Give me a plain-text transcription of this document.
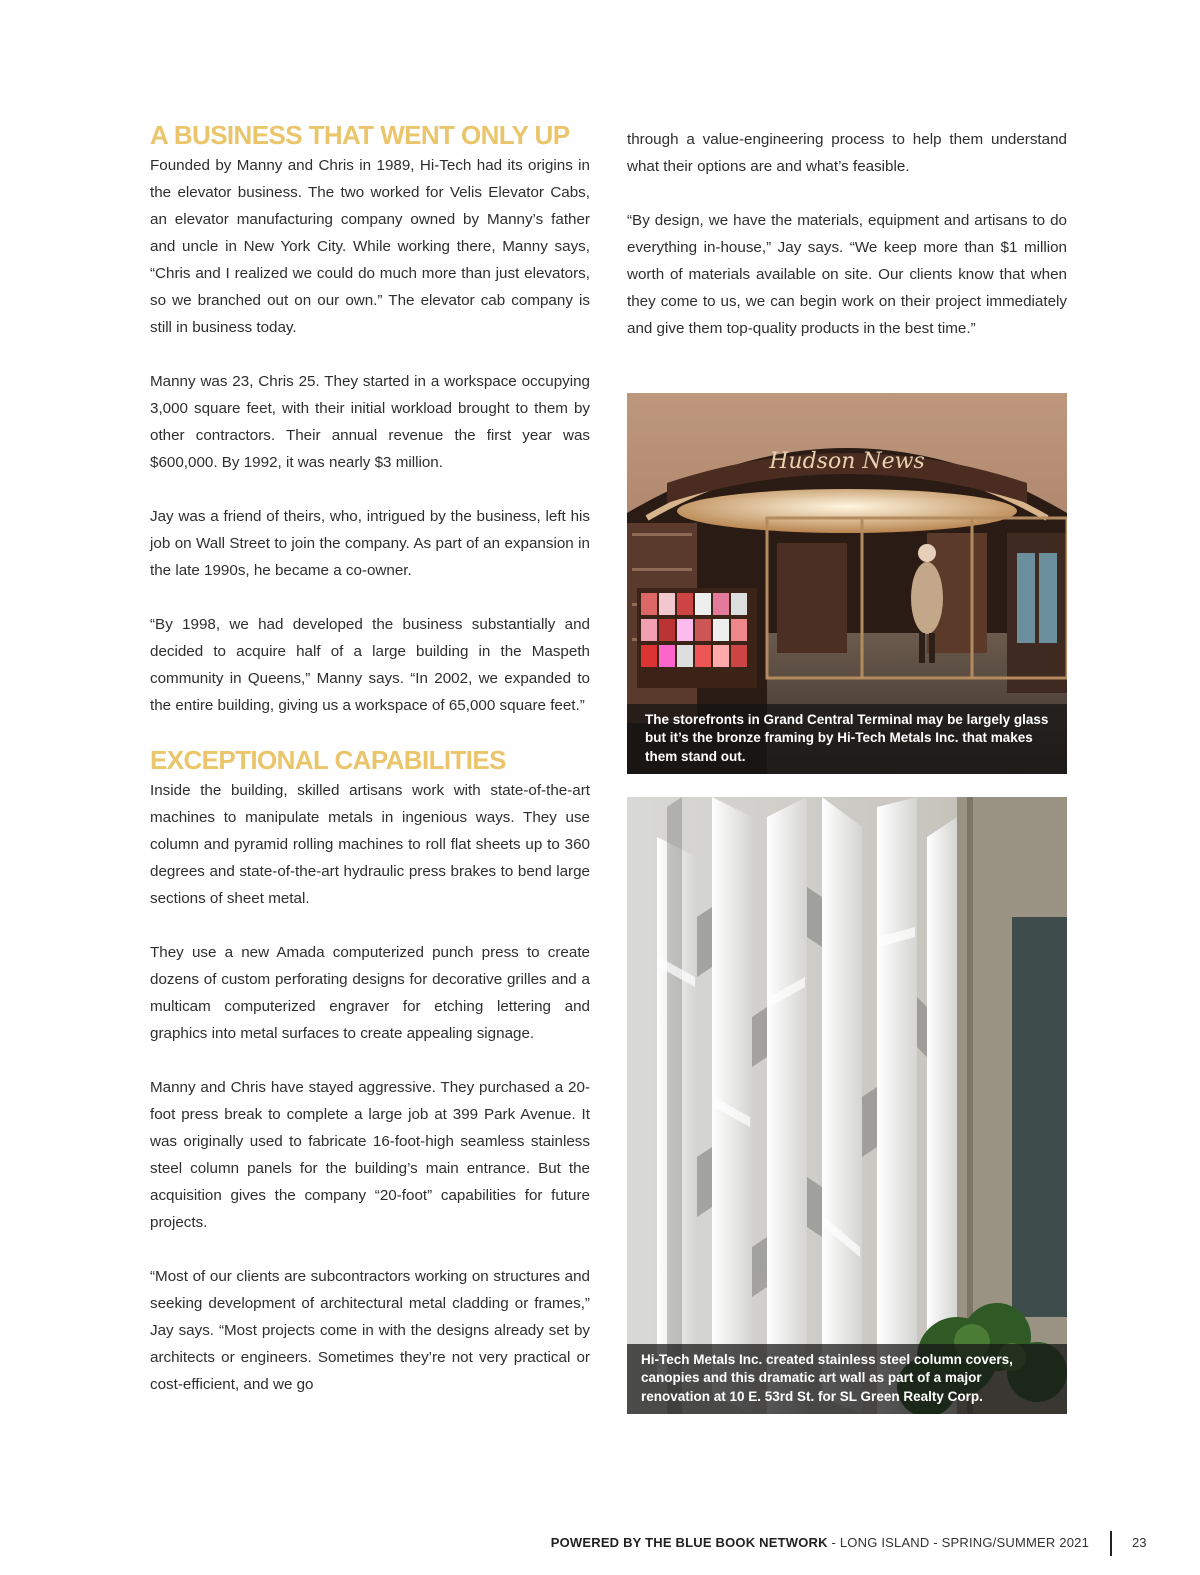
A BUSINESS THAT WENT ONLY UP

Founded by Manny and Chris in 1989, Hi-Tech had its origins in the elevator business. The two worked for Velis Elevator Cabs, an elevator manufacturing company owned by Manny’s father and uncle in New York City. While working there, Manny says, “Chris and I realized we could do much more than just elevators, so we branched out on our own.” The elevator cab company is still in business today.

Manny was 23, Chris 25. They started in a workspace occupying 3,000 square feet, with their initial workload brought to them by other contractors. Their annual revenue the first year was $600,000. By 1992, it was nearly $3 million.

Jay was a friend of theirs, who, intrigued by the business, left his job on Wall Street to join the company. As part of an expansion in the late 1990s, he became a co-owner.

“By 1998, we had developed the business substantially and decided to acquire half of a large building in the Maspeth community in Queens,” Manny says. “In 2002, we expanded to the entire building, giving us a workspace of 65,000 square feet.”

EXCEPTIONAL CAPABILITIES

Inside the building, skilled artisans work with state-of-the-art machines to manipulate metals in ingenious ways. They use column and pyramid rolling machines to roll flat sheets up to 360 degrees and state-of-the-art hydraulic press brakes to bend large sections of sheet metal.

They use a new Amada computerized punch press to create dozens of custom perforating designs for decorative grilles and a multicam computerized engraver for etching lettering and graphics into metal surfaces to create appealing signage.

Manny and Chris have stayed aggressive. They purchased a 20-foot press break to complete a large job at 399 Park Avenue. It was originally used to fabricate 16-foot-high seamless stainless steel column panels for the building’s main entrance. But the acquisition gives the company “20-foot” capabilities for future projects.

“Most of our clients are subcontractors working on structures and seeking development of architectural metal cladding or frames,” Jay says. “Most projects come in with the designs already set by architects or engineers. Sometimes they’re not very practical or cost-efficient, and we go

through a value-engineering process to help them understand what their options are and what’s feasible.

“By design, we have the materials, equipment and artisans to do everything in-house,” Jay says. “We keep more than $1 million worth of materials available on site. Our clients know that when they come to us, we can begin work on their project immediately and give them top-quality products in the best time.”

Hudson News
The storefronts in Grand Central Terminal may be largely glass but it’s the bronze framing by Hi-Tech Metals Inc. that makes them stand out.
Hi-Tech Metals Inc. created stainless steel column covers, canopies and this dramatic art wall as part of a major renovation at 10 E. 53rd St. for SL Green Realty Corp.
POWERED BY THE BLUE BOOK NETWORK - LONG ISLAND - SPRING/SUMMER 2021	23
